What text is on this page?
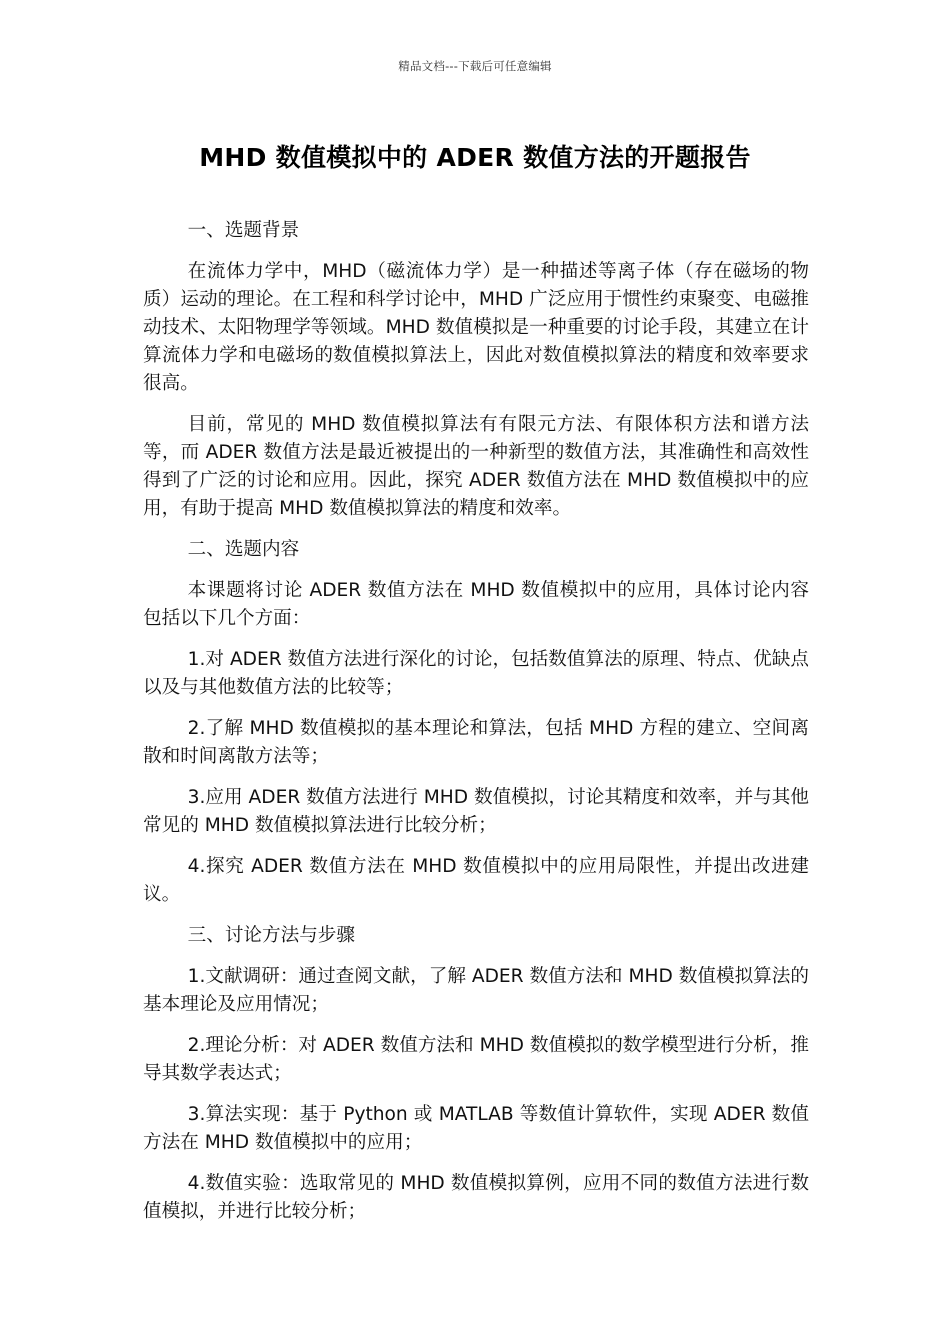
精品文档---下载后可任意编辑
MHD 数值模拟中的 ADER 数值方法的开题报告

一、选题背景

在流体力学中，MHD（磁流体力学）是一种描述等离子体（存在磁场的物质）运动的理论。在工程和科学讨论中，MHD 广泛应用于惯性约束聚变、电磁推动技术、太阳物理学等领域。MHD 数值模拟是一种重要的讨论手段，其建立在计算流体力学和电磁场的数值模拟算法上，因此对数值模拟算法的精度和效率要求很高。

目前，常见的 MHD 数值模拟算法有有限元方法、有限体积方法和谱方法等，而 ADER 数值方法是最近被提出的一种新型的数值方法，其准确性和高效性得到了广泛的讨论和应用。因此，探究 ADER 数值方法在 MHD 数值模拟中的应用，有助于提高 MHD 数值模拟算法的精度和效率。

二、选题内容

本课题将讨论 ADER 数值方法在 MHD 数值模拟中的应用，具体讨论内容包括以下几个方面：

1.对 ADER 数值方法进行深化的讨论，包括数值算法的原理、特点、优缺点以及与其他数值方法的比较等；

2.了解 MHD 数值模拟的基本理论和算法，包括 MHD 方程的建立、空间离散和时间离散方法等；

3.应用 ADER 数值方法进行 MHD 数值模拟，讨论其精度和效率，并与其他常见的 MHD 数值模拟算法进行比较分析；

4.探究 ADER 数值方法在 MHD 数值模拟中的应用局限性，并提出改进建议。

三、讨论方法与步骤

1.文献调研：通过查阅文献，了解 ADER 数值方法和 MHD 数值模拟算法的基本理论及应用情况；

2.理论分析：对 ADER 数值方法和 MHD 数值模拟的数学模型进行分析，推导其数学表达式；

3.算法实现：基于 Python 或 MATLAB 等数值计算软件，实现 ADER 数值方法在 MHD 数值模拟中的应用；

4.数值实验：选取常见的 MHD 数值模拟算例，应用不同的数值方法进行数值模拟，并进行比较分析；
